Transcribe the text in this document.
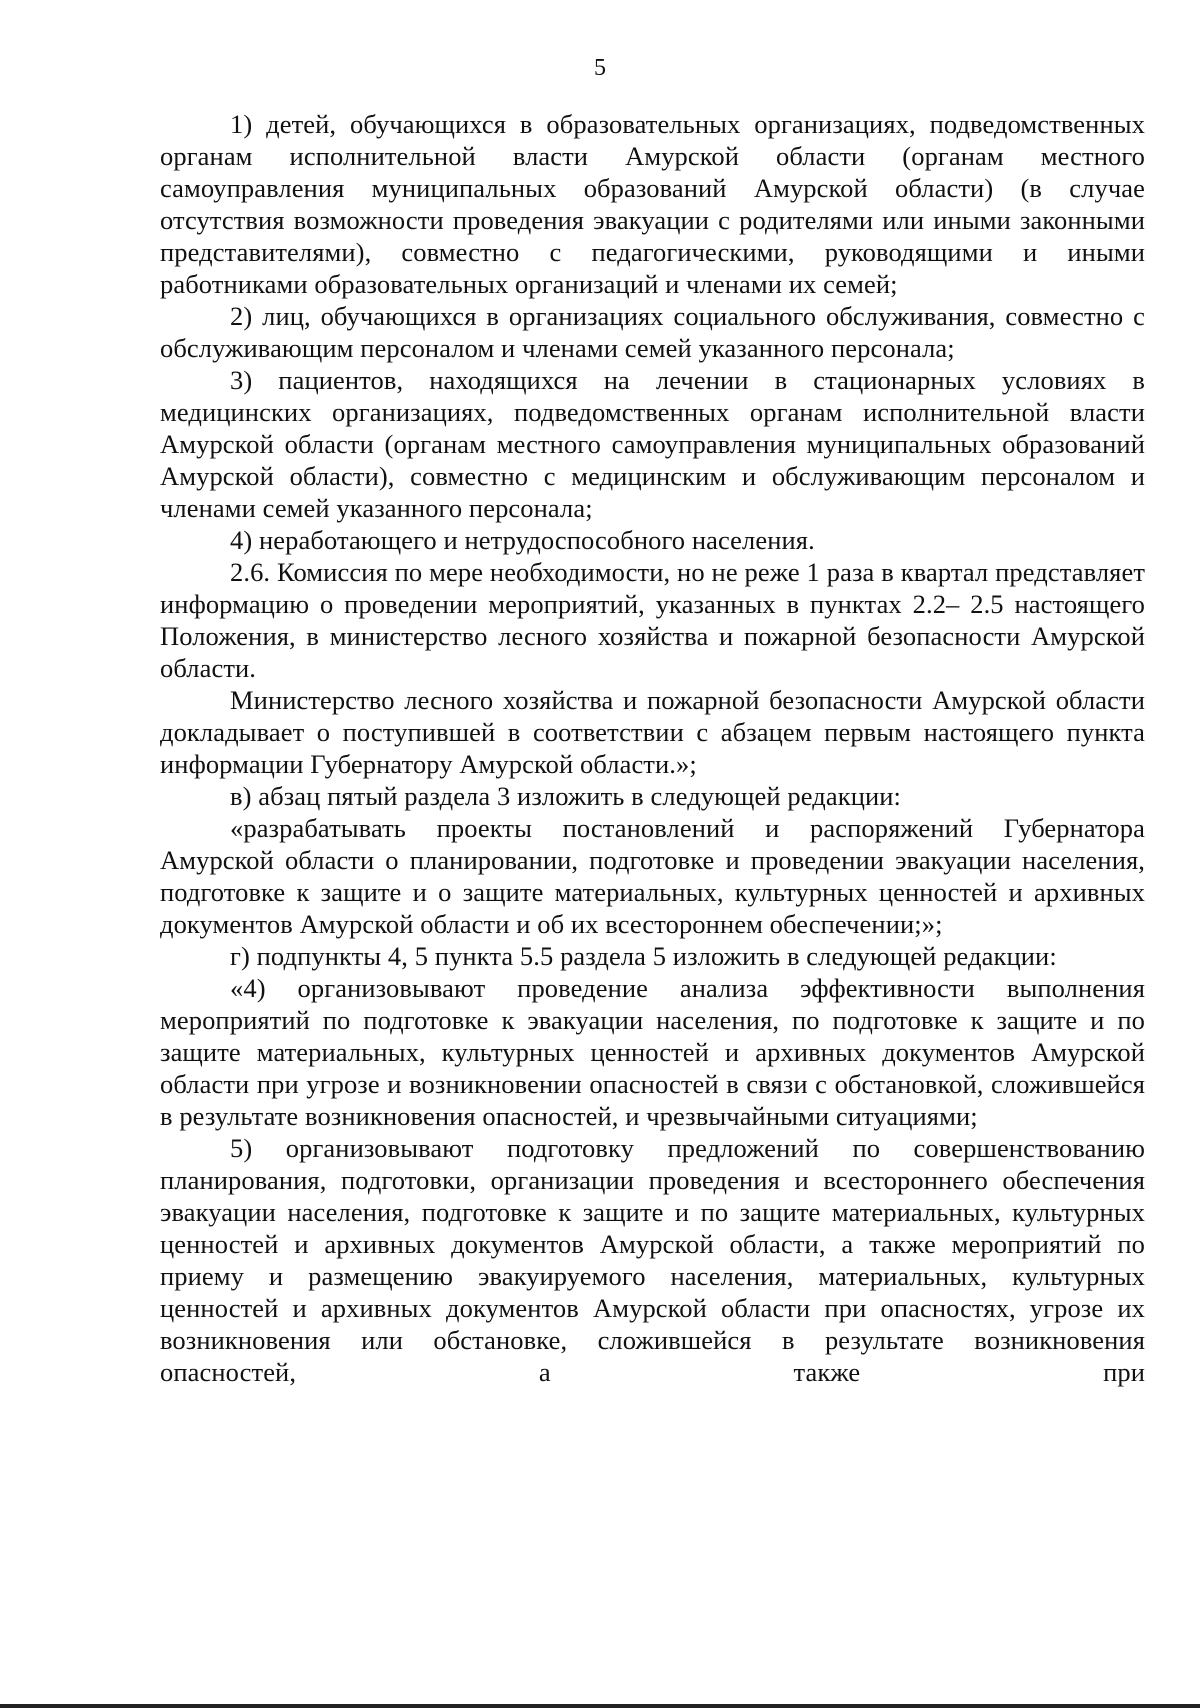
5

1) детей, обучающихся в образовательных организациях, подведомственных органам исполнительной власти Амурской области (органам местного самоуправления муниципальных образований Амурской области) (в случае отсутствия возможности проведения эвакуации с родителями или иными законными представителями), совместно с педагогическими, руководящими и иными работниками образовательных организаций и членами их семей;

2) лиц, обучающихся в организациях социального обслуживания, совместно с обслуживающим персоналом и членами семей указанного персонала;

3) пациентов, находящихся на лечении в стационарных условиях в медицинских организациях, подведомственных органам исполнительной власти Амурской области (органам местного самоуправления муниципальных образований Амурской области), совместно с медицинским и обслуживающим персоналом и членами семей указанного персонала;

4) неработающего и нетрудоспособного населения.

2.6. Комиссия по мере необходимости, но не реже 1 раза в квартал представляет информацию о проведении мероприятий, указанных в пунктах 2.2– 2.5 настоящего Положения, в министерство лесного хозяйства и пожарной безопасности Амурской области.

Министерство лесного хозяйства и пожарной безопасности Амурской области докладывает о поступившей в соответствии с абзацем первым настоящего пункта информации Губернатору Амурской области.»;

в) абзац пятый раздела 3 изложить в следующей редакции:

«разрабатывать проекты постановлений и распоряжений Губернатора Амурской области о планировании, подготовке и проведении эвакуации населения, подготовке к защите и о защите материальных, культурных ценностей и архивных документов Амурской области и об их всестороннем обеспечении;»;

г) подпункты 4, 5 пункта 5.5 раздела 5 изложить в следующей редакции:

«4) организовывают проведение анализа эффективности выполнения мероприятий по подготовке к эвакуации населения, по подготовке к защите и по защите материальных, культурных ценностей и архивных документов Амурской области при угрозе и возникновении опасностей в связи с обстановкой, сложившейся в результате возникновения опасностей, и чрезвычайными ситуациями;

5) организовывают подготовку предложений по совершенствованию планирования, подготовки, организации проведения и всестороннего обеспечения эвакуации населения, подготовке к защите и по защите материальных, культурных ценностей и архивных документов Амурской области, а также мероприятий по приему и размещению эвакуируемого населения, материальных, культурных ценностей и архивных документов Амурской области при опасностях, угрозе их возникновения или обстановке, сложившейся в результате возникновения опасностей, а также при
